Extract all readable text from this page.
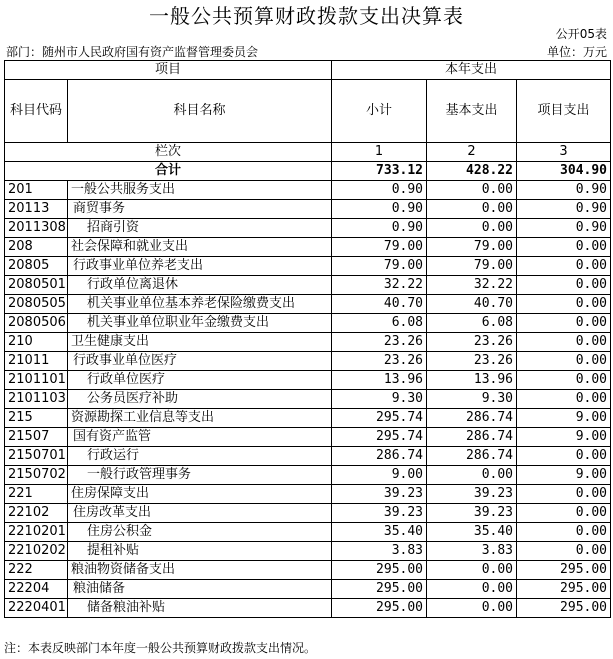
一般公共预算财政拨款支出决算表
公开05表
部门：随州市人民政府国有资产监督管理委员会	单位：万元
项目		本年支出		
科目代码	科目名称	小计	基本支出	项目支出
栏次		1	2	3
合计		733.12	428.22	304.90
201	一般公共服务支出	0.90	0.00	0.90
20113	商贸事务	0.90	0.00	0.90
2011308	招商引资	0.90	0.00	0.90
208	社会保障和就业支出	79.00	79.00	0.00
20805	行政事业单位养老支出	79.00	79.00	0.00
2080501	行政单位离退休	32.22	32.22	0.00
2080505	机关事业单位基本养老保险缴费支出	40.70	40.70	0.00
2080506	机关事业单位职业年金缴费支出	6.08	6.08	0.00
210	卫生健康支出	23.26	23.26	0.00
21011	行政事业单位医疗	23.26	23.26	0.00
2101101	行政单位医疗	13.96	13.96	0.00
2101103	公务员医疗补助	9.30	9.30	0.00
215	资源勘探工业信息等支出	295.74	286.74	9.00
21507	国有资产监管	295.74	286.74	9.00
2150701	行政运行	286.74	286.74	0.00
2150702	一般行政管理事务	9.00	0.00	9.00
221	住房保障支出	39.23	39.23	0.00
22102	住房改革支出	39.23	39.23	0.00
2210201	住房公积金	35.40	35.40	0.00
2210202	提租补贴	3.83	3.83	0.00
222	粮油物资储备支出	295.00	0.00	295.00
22204	粮油储备	295.00	0.00	295.00
2220401	储备粮油补贴	295.00	0.00	295.00
注：本表反映部门本年度一般公共预算财政拨款支出情况。
